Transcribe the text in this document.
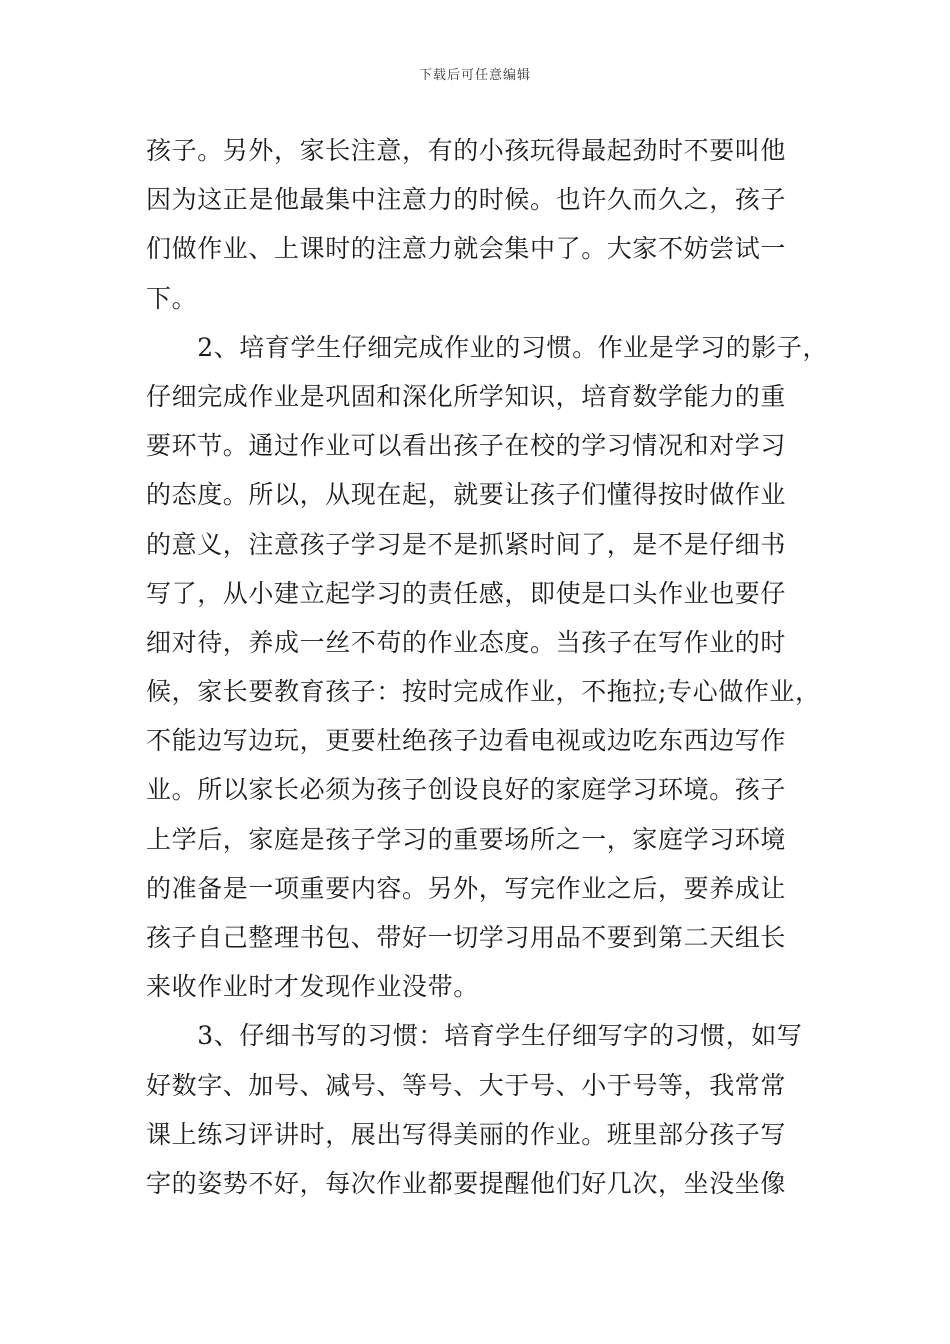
下载后可任意编辑
孩子。另外，家长注意，有的小孩玩得最起劲时不要叫他
因为这正是他最集中注意力的时候。也许久而久之，孩子
们做作业、上课时的注意力就会集中了。大家不妨尝试一
下。
　　2、培育学生仔细完成作业的习惯。作业是学习的影子，
仔细完成作业是巩固和深化所学知识，培育数学能力的重
要环节。通过作业可以看出孩子在校的学习情况和对学习
的态度。所以，从现在起，就要让孩子们懂得按时做作业
的意义，注意孩子学习是不是抓紧时间了，是不是仔细书
写了，从小建立起学习的责任感，即使是口头作业也要仔
细对待，养成一丝不苟的作业态度。当孩子在写作业的时
候，家长要教育孩子：按时完成作业，不拖拉;专心做作业，
不能边写边玩，更要杜绝孩子边看电视或边吃东西边写作
业。所以家长必须为孩子创设良好的家庭学习环境。孩子
上学后，家庭是孩子学习的重要场所之一，家庭学习环境
的准备是一项重要内容。另外，写完作业之后，要养成让
孩子自己整理书包、带好一切学习用品不要到第二天组长
来收作业时才发现作业没带。
　　3、仔细书写的习惯：培育学生仔细写字的习惯，如写
好数字、加号、减号、等号、大于号、小于号等，我常常
课上练习评讲时，展出写得美丽的作业。班里部分孩子写
字的姿势不好，每次作业都要提醒他们好几次，坐没坐像
